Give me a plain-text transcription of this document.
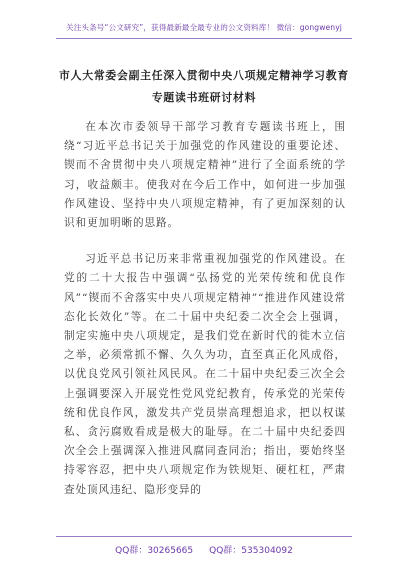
关注头条号“公文研究”，获得最新最全最专业的公文资料库！ 微信：gongwenyj
市人大常委会副主任深入贯彻中央八项规定精神学习教育
专题读书班研讨材料

在本次市委领导干部学习教育专题读书班上，围绕“习近平总书记关于加强党的作风建设的重要论述、锲而不舍贯彻中央八项规定精神”进行了全面系统的学习，收益颇丰。使我对在今后工作中，如何进一步加强作风建设、坚持中央八项规定精神，有了更加深刻的认识和更加明晰的思路。

习近平总书记历来非常重视加强党的作风建设。在党的二十大报告中强调“弘扬党的光荣传统和优良作风”“锲而不舍落实中央八项规定精神”“推进作风建设常态化长效化”等。在二十届中央纪委二次全会上强调，制定实施中央八项规定，是我们党在新时代的徙木立信之举，必须常抓不懈、久久为功，直至真正化风成俗，以优良党风引领社风民风。在二十届中央纪委三次全会上强调要深入开展党性党风党纪教育，传承党的光荣传统和优良作风，激发共产党员崇高理想追求，把以权谋私、贪污腐败看成是极大的耻辱。在二十届中央纪委四次全会上强调深入推进风腐同查同治；指出，要始终坚持零容忍，把中央八项规定作为铁规矩、硬杠杠，严肃查处顶风违纪、隐形变异的

QQ群：30265665 QQ群：535304092
